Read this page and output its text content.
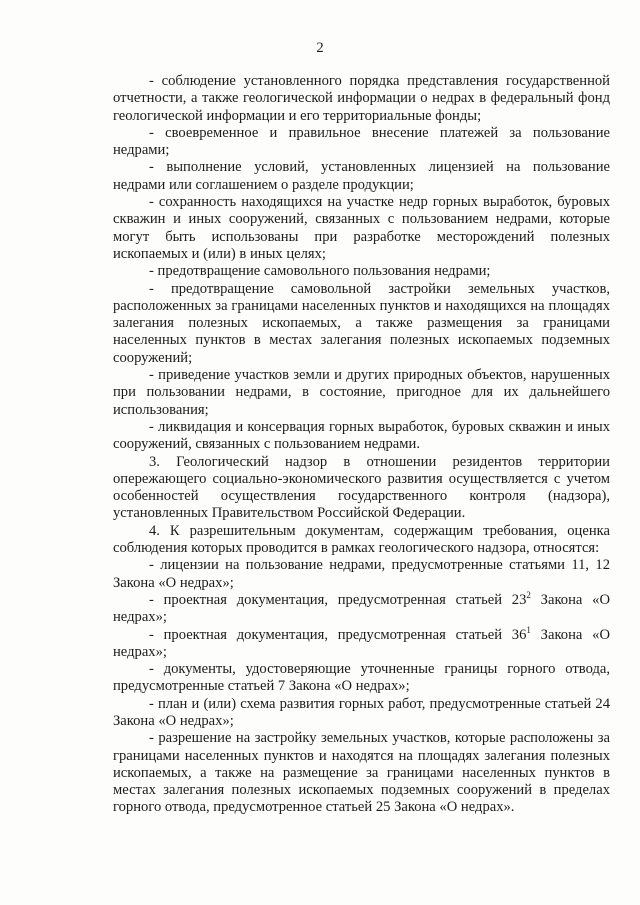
2

- соблюдение установленного порядка представления государственной отчетности, а также геологической информации о недрах в федеральный фонд геологической информации и его территориальные фонды;

- своевременное и правильное внесение платежей за пользование недрами;

- выполнение условий, установленных лицензией на пользование недрами или соглашением о разделе продукции;

- сохранность находящихся на участке недр горных выработок, буровых скважин и иных сооружений, связанных с пользованием недрами, которые могут быть использованы при разработке месторождений полезных ископаемых и (или) в иных целях;

- предотвращение самовольного пользования недрами;

- предотвращение самовольной застройки земельных участков, расположенных за границами населенных пунктов и находящихся на площадях залегания полезных ископаемых, а также размещения за границами населенных пунктов в местах залегания полезных ископаемых подземных сооружений;

- приведение участков земли и других природных объектов, нарушенных при пользовании недрами, в состояние, пригодное для их дальнейшего использования;

- ликвидация и консервация горных выработок, буровых скважин и иных сооружений, связанных с пользованием недрами.

3. Геологический надзор в отношении резидентов территории опережающего социально-экономического развития осуществляется с учетом особенностей осуществления государственного контроля (надзора), установленных Правительством Российской Федерации.

4. К разрешительным документам, содержащим требования, оценка соблюдения которых проводится в рамках геологического надзора, относятся:

- лицензии на пользование недрами, предусмотренные статьями 11, 12 Закона «О недрах»;

- проектная документация, предусмотренная статьей $23^2$ Закона «О недрах»;

- проектная документация, предусмотренная статьей $36^1$ Закона «О недрах»;

- документы, удостоверяющие уточненные границы горного отвода, предусмотренные статьей 7 Закона «О недрах»;

- план и (или) схема развития горных работ, предусмотренные статьей 24 Закона «О недрах»;

- разрешение на застройку земельных участков, которые расположены за границами населенных пунктов и находятся на площадях залегания полезных ископаемых, а также на размещение за границами населенных пунктов в местах залегания полезных ископаемых подземных сооружений в пределах горного отвода, предусмотренное статьей 25 Закона «О недрах».
